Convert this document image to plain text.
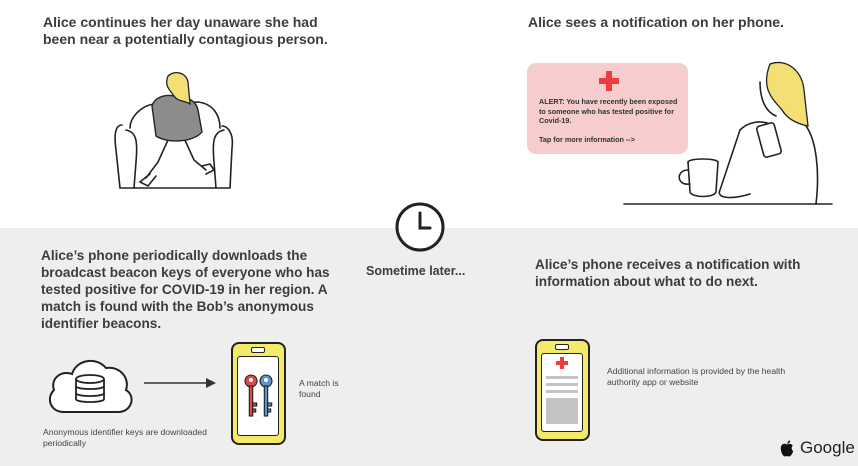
Alice continues her day unaware she had been near a potentially contagious person.
Alice sees a notification on her phone.
ALERT: You have recently been exposed to someone who has tested positive for Covid-19.
Tap for more information -->
Sometime later...
Alice’s phone periodically downloads the broadcast beacon keys of everyone who has tested positive for COVID-19 in her region. A match is found with the Bob’s anonymous identifier beacons.
Anonymous identifier keys are downloaded periodically
A match is found
Alice’s phone receives a notification with information about what to do next.
Additional information is provided by the health authority app or website
Google
